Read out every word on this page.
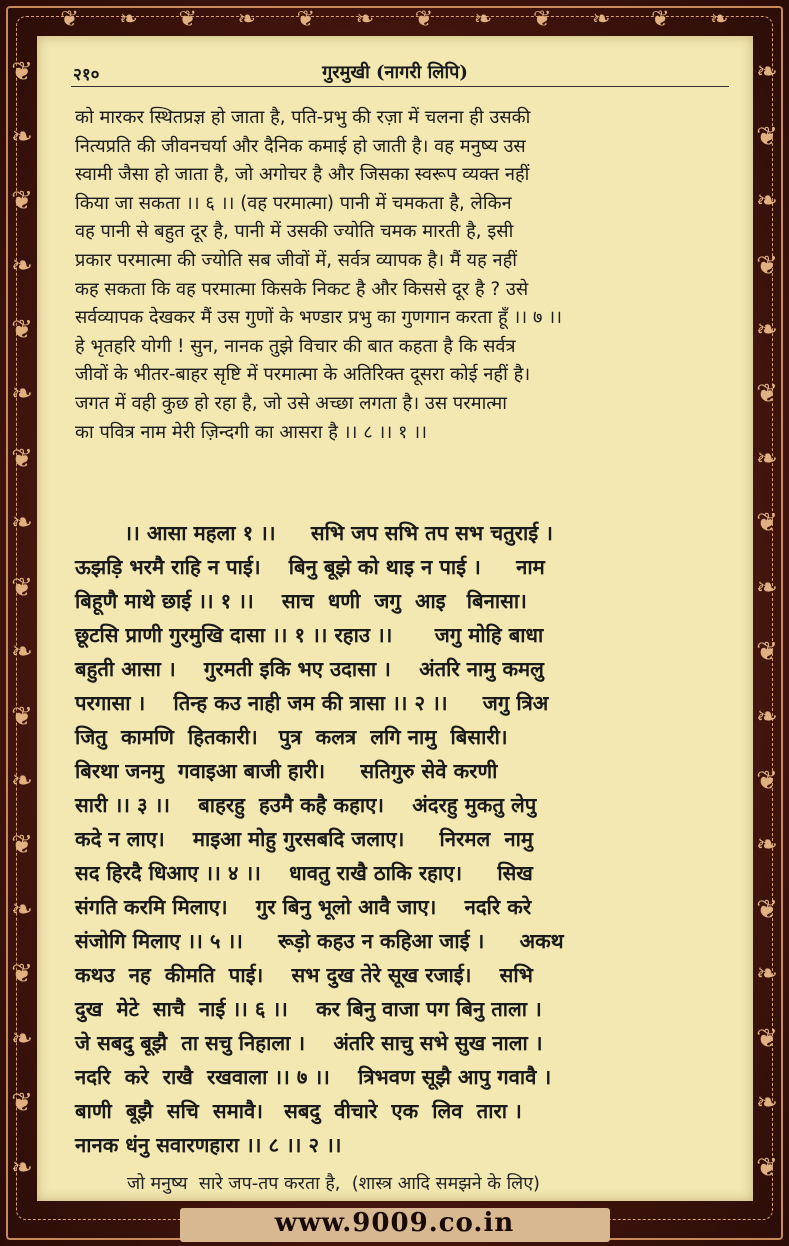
❦ ❧ ❦ ❧ ❦ ❧ ❦ ❧ ❦ ❧ ❦ ❧
❦
❧
❦
❧
❦
❧
❦
❧
❦
❧
❦
❧
❦
❧
❦
❧
❦
❧
❧
❦
❧
❦
❧
❦
❧
❦
❧
❦
❧
❦
❧
❦
❧
❦
❧
❦
२१०	गुरमुखी (नागरी लिपि)
को मारकर स्थितप्रज्ञ हो जाता है, पति-प्रभु की रज़ा में चलना ही उसकी
नित्यप्रति की जीवनचर्या और दैनिक कमाई हो जाती है। वह मनुष्य उस
स्वामी जैसा हो जाता है, जो अगोचर है और जिसका स्वरूप व्यक्त नहीं
किया जा सकता ।। ६ ।। (वह परमात्मा) पानी में चमकता है, लेकिन
वह पानी से बहुत दूर है, पानी में उसकी ज्योति चमक मारती है, इसी
प्रकार परमात्मा की ज्योति सब जीवों में, सर्वत्र व्यापक है। मैं यह नहीं
कह सकता कि वह परमात्मा किसके निकट है और किससे दूर है ? उसे
सर्वव्यापक देखकर मैं उस गुणों के भण्डार प्रभु का गुणगान करता हूँ ।। ७ ।।
हे भृतहरि योगी ! सुन, नानक तुझे विचार की बात कहता है कि सर्वत्र
जीवों के भीतर-बाहर सृष्टि में परमात्मा के अतिरिक्त दूसरा कोई नहीं है।
जगत में वही कुछ हो रहा है, जो उसे अच्छा लगता है। उस परमात्मा
का पवित्र नाम मेरी ज़िन्दगी का आसरा है ।। ८ ।। १ ।।
।। आसा महला १ ।।     सभि जप सभि तप सभ चतुराई ।
ऊझड़ि भरमै राहि न पाई।    बिनु बूझे को थाइ न पाई ।     नाम
बिहूणै माथे छाई ।। १ ।।    साच  धणी  जगु  आइ   बिनासा।
छूटसि प्राणी गुरमुखि दासा ।। १ ।। रहाउ ।।      जगु मोहि बाधा
बहुती आसा ।    गुरमती इकि भए उदासा ।    अंतरि नामु कमलु
परगासा ।    तिन्ह कउ नाही जम की त्रासा ।। २ ।।     जगु त्रिअ
जितु  कामणि  हितकारी।   पुत्र  कलत्र  लगि नामु  बिसारी।
बिरथा जनमु  गवाइआ बाजी हारी।     सतिगुरु सेवे करणी
सारी ।। ३ ।।    बाहरहु  हउमै कहै कहाए।    अंदरहु मुकतु लेपु
कदे न लाए।    माइआ मोहु गुरसबदि जलाए।     निरमल  नामु
सद हिरदै धिआए ।। ४ ।।    धावतु राखै ठाकि रहाए।     सिख
संगति करमि मिलाए।    गुर बिनु भूलो आवै जाए।    नदरि करे
संजोगि मिलाए ।। ५ ।।     रूड़ो कहउ न कहिआ जाई ।     अकथ
कथउ  नह  कीमति  पाई।    सभ दुख तेरे सूख रजाई।    सभि
दुख  मेटे  साचै  नाई ।। ६ ।।    कर बिनु वाजा पग बिनु ताला ।
जे सबदु बूझै  ता सचु निहाला ।    अंतरि साचु सभे सुख नाला ।
नदरि  करे  राखै  रखवाला ।। ७ ।।    त्रिभवण सूझै आपु गवावै ।
बाणी  बूझै  सचि  समावै।   सबदु  वीचारे  एक  लिव  तारा ।
नानक धंनु सवारणहारा ।। ८ ।। २ ।।
जो मनुष्य  सारे जप-तप करता है,  (शास्त्र आदि समझने के लिए)
www.9009.co.in
